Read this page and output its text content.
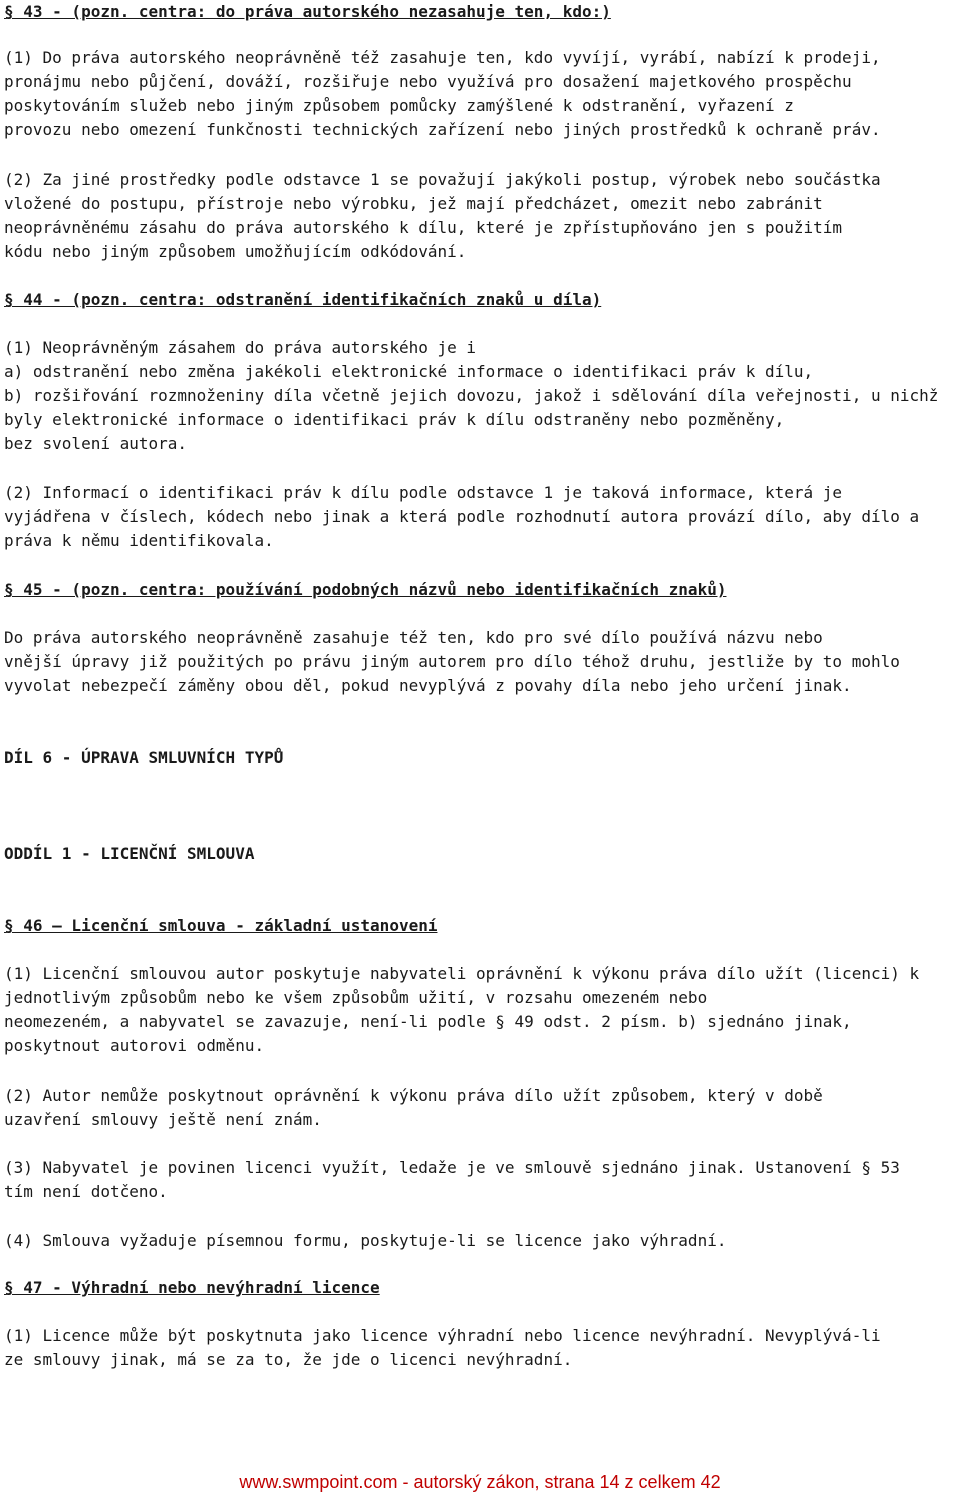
§ 43 - (pozn. centra: do práva autorského nezasahuje ten, kdo:)
(1) Do práva autorského neoprávněně též zasahuje ten, kdo vyvíjí, vyrábí, nabízí k prodeji,
pronájmu nebo půjčení, dováží, rozšiřuje nebo využívá pro dosažení majetkového prospěchu
poskytováním služeb nebo jiným způsobem pomůcky zamýšlené k odstranění, vyřazení z
provozu nebo omezení funkčnosti technických zařízení nebo jiných prostředků k ochraně práv.
(2) Za jiné prostředky podle odstavce 1 se považují jakýkoli postup, výrobek nebo součástka
vložené do postupu, přístroje nebo výrobku, jež mají předcházet, omezit nebo zabránit
neoprávněnému zásahu do práva autorského k dílu, které je zpřístupňováno jen s použitím
kódu nebo jiným způsobem umožňujícím odkódování.
§ 44 - (pozn. centra: odstranění identifikačních znaků u díla)
(1) Neoprávněným zásahem do práva autorského je i
a) odstranění nebo změna jakékoli elektronické informace o identifikaci práv k dílu,
b) rozšiřování rozmnoženiny díla včetně jejich dovozu, jakož i sdělování díla veřejnosti, u nichž
byly elektronické informace o identifikaci práv k dílu odstraněny nebo pozměněny,
bez svolení autora.
(2) Informací o identifikaci práv k dílu podle odstavce 1 je taková informace, která je
vyjádřena v číslech, kódech nebo jinak a která podle rozhodnutí autora provází dílo, aby dílo a
práva k němu identifikovala.
§ 45 - (pozn. centra: používání podobných názvů nebo identifikačních znaků)
Do práva autorského neoprávněně zasahuje též ten, kdo pro své dílo používá názvu nebo
vnější úpravy již použitých po právu jiným autorem pro dílo téhož druhu, jestliže by to mohlo
vyvolat nebezpečí záměny obou děl, pokud nevyplývá z povahy díla nebo jeho určení jinak.
DÍL 6 - ÚPRAVA SMLUVNÍCH TYPŮ
ODDÍL 1 - LICENČNÍ SMLOUVA
§ 46 — Licenční smlouva - základní ustanovení
(1) Licenční smlouvou autor poskytuje nabyvateli oprávnění k výkonu práva dílo užít (licenci) k
jednotlivým způsobům nebo ke všem způsobům užití, v rozsahu omezeném nebo
neomezeném, a nabyvatel se zavazuje, není-li podle § 49 odst. 2 písm. b) sjednáno jinak,
poskytnout autorovi odměnu.
(2) Autor nemůže poskytnout oprávnění k výkonu práva dílo užít způsobem, který v době
uzavření smlouvy ještě není znám.
(3) Nabyvatel je povinen licenci využít, ledaže je ve smlouvě sjednáno jinak. Ustanovení § 53
tím není dotčeno.
(4) Smlouva vyžaduje písemnou formu, poskytuje-li se licence jako výhradní.
§ 47 - Výhradní nebo nevýhradní licence
(1) Licence může být poskytnuta jako licence výhradní nebo licence nevýhradní. Nevyplývá-li
ze smlouvy jinak, má se za to, že jde o licenci nevýhradní.
www.swmpoint.com - autorský zákon, strana 14 z celkem 42
